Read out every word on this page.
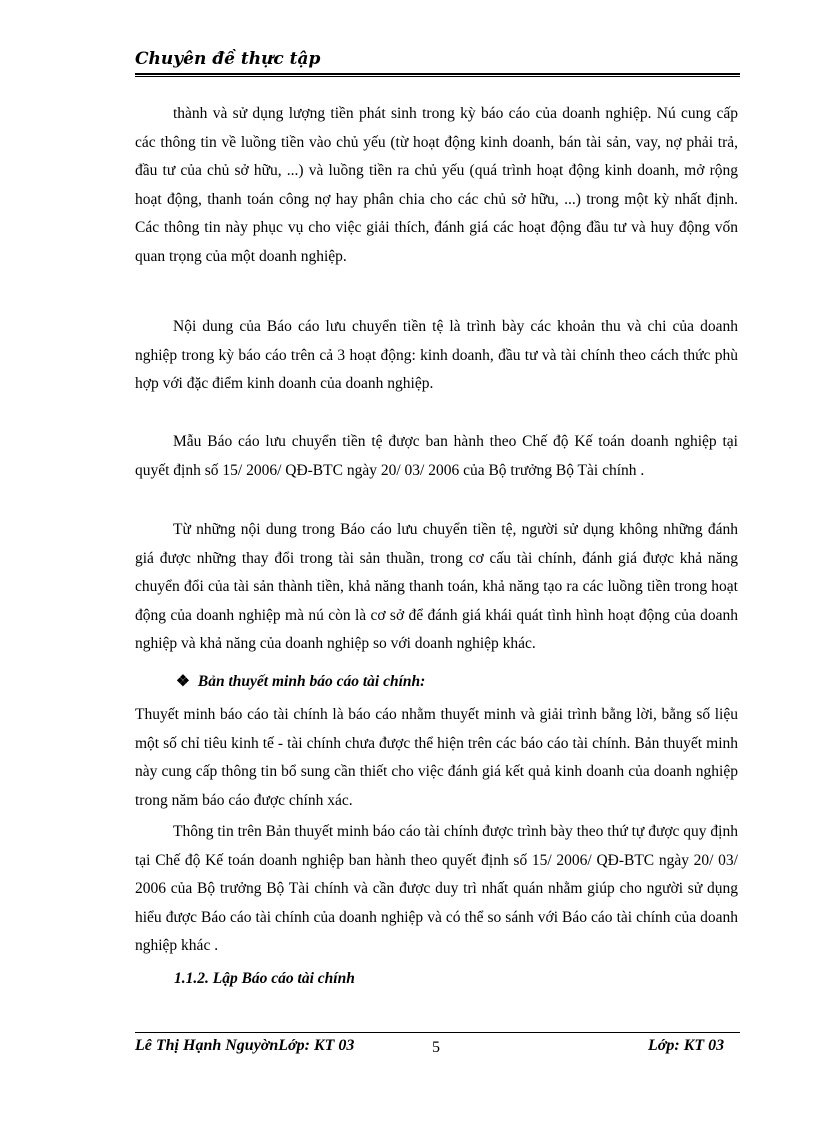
Chuyên đề thực tập

thành và sử dụng lượng tiền phát sinh trong kỳ báo cáo của doanh nghiệp. Nú cung cấp các thông tin về luồng tiền vào chủ yếu (từ hoạt động kinh doanh, bán tài sản, vay, nợ phải trả, đầu tư của chủ sở hữu, ...) và luồng tiền ra chủ yếu (quá trình hoạt động kinh doanh, mở rộng hoạt động, thanh toán công nợ hay phân chia cho các chủ sở hữu, ...) trong một kỳ nhất định. Các thông tin này phục vụ cho việc giải thích, đánh giá các hoạt động đầu tư và huy động vốn quan trọng của một doanh nghiệp.

Nội dung của Báo cáo lưu chuyển tiền tệ là trình bày các khoản thu và chi của doanh nghiệp trong kỳ báo cáo trên cả 3 hoạt động: kinh doanh, đầu tư và tài chính theo cách thức phù hợp với đặc điểm kinh doanh của doanh nghiệp.

Mẫu Báo cáo lưu chuyển tiền tệ được ban hành theo Chế độ Kế toán doanh nghiệp tại quyết định số 15/ 2006/ QĐ-BTC ngày 20/ 03/ 2006 của Bộ trưởng Bộ Tài chính .

Từ những nội dung trong Báo cáo lưu chuyển tiền tệ, người sử dụng không những đánh giá được những thay đổi trong tài sản thuần, trong cơ cấu tài chính, đánh giá được khả năng chuyển đổi của tài sản thành tiền, khả năng thanh toán, khả năng tạo ra các luồng tiền trong hoạt động của doanh nghiệp mà nú còn là cơ sở để đánh giá khái quát tình hình hoạt động của doanh nghiệp và khả năng của doanh nghiệp so với doanh nghiệp khác.

❖ Bản thuyết minh báo cáo tài chính:

Thuyết minh báo cáo tài chính là báo cáo nhằm thuyết minh và giải trình bằng lời, bằng số liệu một số chỉ tiêu kinh tế - tài chính chưa được thể hiện trên các báo cáo tài chính. Bản thuyết minh này cung cấp thông tin bổ sung cần thiết cho việc đánh giá kết quả kinh doanh của doanh nghiệp trong năm báo cáo được chính xác.

Thông tin trên Bản thuyết minh báo cáo tài chính được trình bày theo thứ tự được quy định tại Chế độ Kế toán doanh nghiệp ban hành theo quyết định số 15/ 2006/ QĐ-BTC ngày 20/ 03/ 2006 của Bộ trưởng Bộ Tài chính và cần được duy trì nhất quán nhằm giúp cho người sử dụng hiểu được Báo cáo tài chính của doanh nghiệp và có thể so sánh với Báo cáo tài chính của doanh nghiệp khác .

1.1.2. Lập Báo cáo tài chính
Lê Thị Hạnh NguyờnLớp: KT 03	5	Lớp: KT 03
